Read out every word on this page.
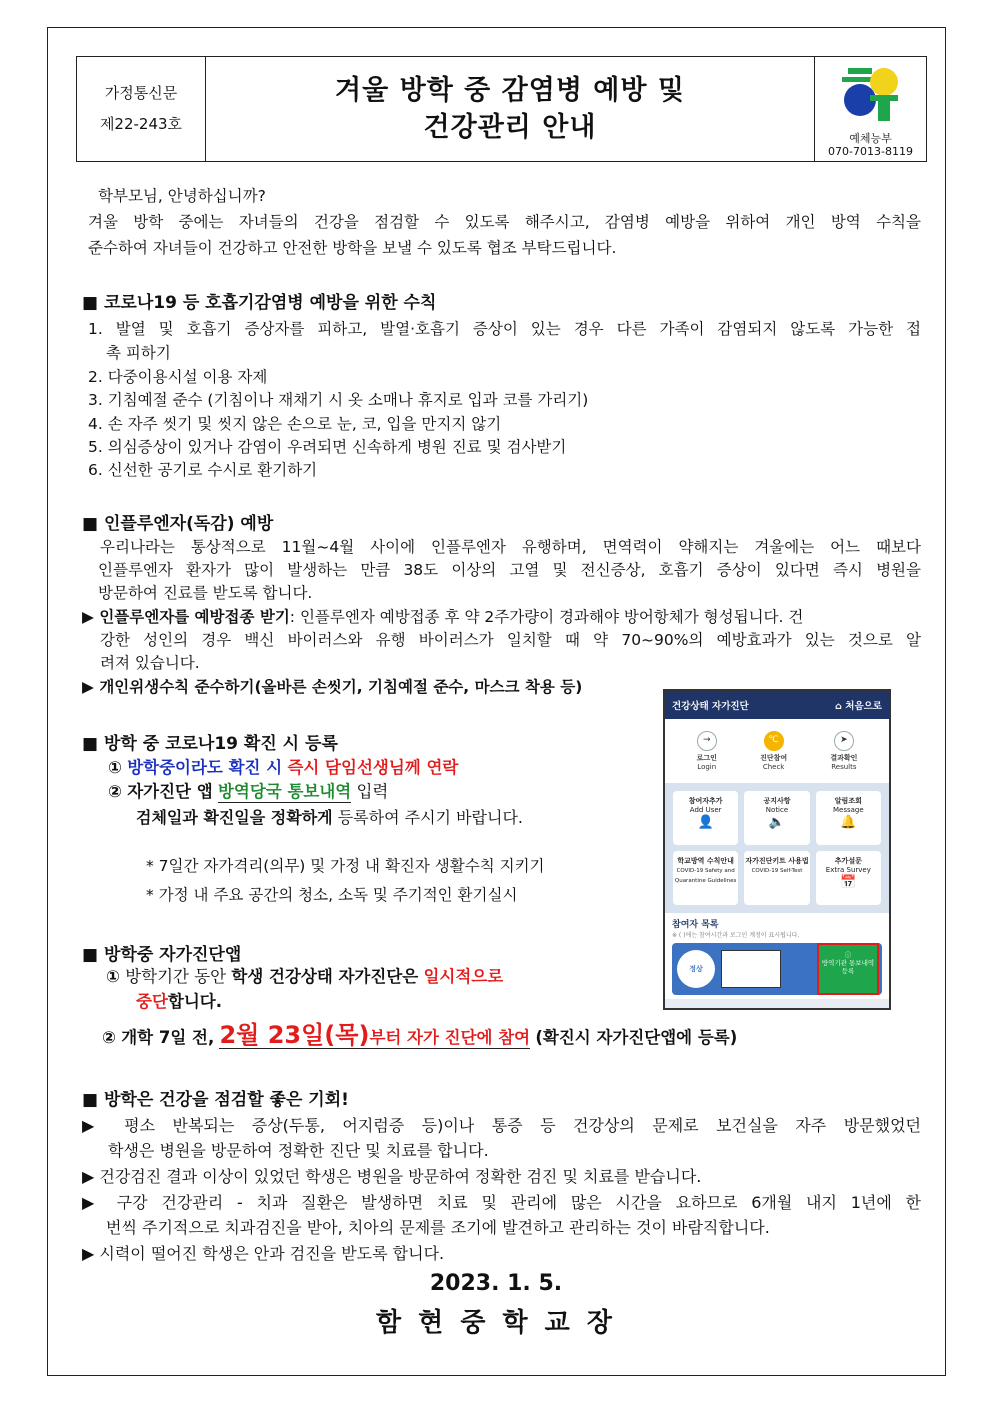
가정통신문
제22-243호
겨울 방학 중 감염병 예방 및
건강관리 안내	예체능부
070-7013-8119
학부모님, 안녕하십니까?
겨울 방학 중에는 자녀들의 건강을 점검할 수 있도록 해주시고, 감염병 예방을 위하여 개인 방역 수칙을
준수하여 자녀들이 건강하고 안전한 방학을 보낼 수 있도록 협조 부탁드립니다.
■ 코로나19 등 호흡기감염병 예방을 위한 수칙
1. 발열 및 호흡기 증상자를 피하고, 발열·호흡기 증상이 있는 경우 다른 가족이 감염되지 않도록 가능한 접
촉 피하기
2. 다중이용시설 이용 자제
3. 기침예절 준수 (기침이나 재채기 시 옷 소매나 휴지로 입과 코를 가리기)
4. 손 자주 씻기 및 씻지 않은 손으로 눈, 코, 입을 만지지 않기
5. 의심증상이 있거나 감염이 우려되면 신속하게 병원 진료 및 검사받기
6. 신선한 공기로 수시로 환기하기
■ 인플루엔자(독감) 예방
우리나라는 통상적으로 11월~4월 사이에 인플루엔자 유행하며, 면역력이 약해지는 겨울에는 어느 때보다
인플루엔자 환자가 많이 발생하는 만큼 38도 이상의 고열 및 전신증상, 호흡기 증상이 있다면 즉시 병원을
방문하여 진료를 받도록 합니다.
▶ 인플루엔자를 예방접종 받기 : 인플루엔자 예방접종 후 약 2주가량이 경과해야 방어항체가 형성됩니다. 건
강한 성인의 경우 백신 바이러스와 유행 바이러스가 일치할 때 약 70~90%의 예방효과가 있는 것으로 알
려져 있습니다.
▶ 개인위생수칙 준수하기(올바른 손씻기, 기침예절 준수, 마스크 착용 등)
건강상태 자가진단	⌂ 처음으로
→
로그인
Login
℃
진단참여
Check
➤
결과확인
Results
참여자추가
Add User
👤
공지사항
Notice
🔈
알림조회
Message
🔔
학교방역 수칙안내
COVID-19 Safety and Quarantine Guidelines
자가진단키트 사용법
COVID-19 Self-Test
추가설문
Extra Survey
📅
참여자 목록
※ ( )에는 참여시간과 로그인 계정이 표시됩니다.
정상
ⓘ
방역기관 통보내역 등록
■ 방학 중 코로나19 확진 시 등록
① 방학중이라도 확진 시 즉시 담임선생님께 연락
② 자가진단 앱 방역당국 통보내역 입력
검체일과 확진일을 정확하게 등록하여 주시기 바랍니다.
* 7일간 자가격리(의무) 및 가정 내 확진자 생활수칙 지키기
* 가정 내 주요 공간의 청소, 소독 및 주기적인 환기실시
■ 방학중 자가진단앱
① 방학기간 동안 학생 건강상태 자가진단은 일시적으로
중단합니다.
② 개학 7일 전, 2월 23일(목)부터 자가 진단에 참여 (확진시 자가진단앱에 등록)
■ 방학은 건강을 점검할 좋은 기회!
▶ 평소 반복되는 증상(두통, 어지럼증 등)이나 통증 등 건강상의 문제로 보건실을 자주 방문했었던
학생은 병원을 방문하여 정확한 진단 및 치료를 합니다.
▶ 건강검진 결과 이상이 있었던 학생은 병원을 방문하여 정확한 검진 및 치료를 받습니다.
▶ 구강 건강관리 - 치과 질환은 발생하면 치료 및 관리에 많은 시간을 요하므로 6개월 내지 1년에 한
번씩 주기적으로 치과검진을 받아, 치아의 문제를 조기에 발견하고 관리하는 것이 바람직합니다.
▶ 시력이 떨어진 학생은 안과 검진을 받도록 합니다.
2023. 1. 5.
함 현 중 학 교 장
